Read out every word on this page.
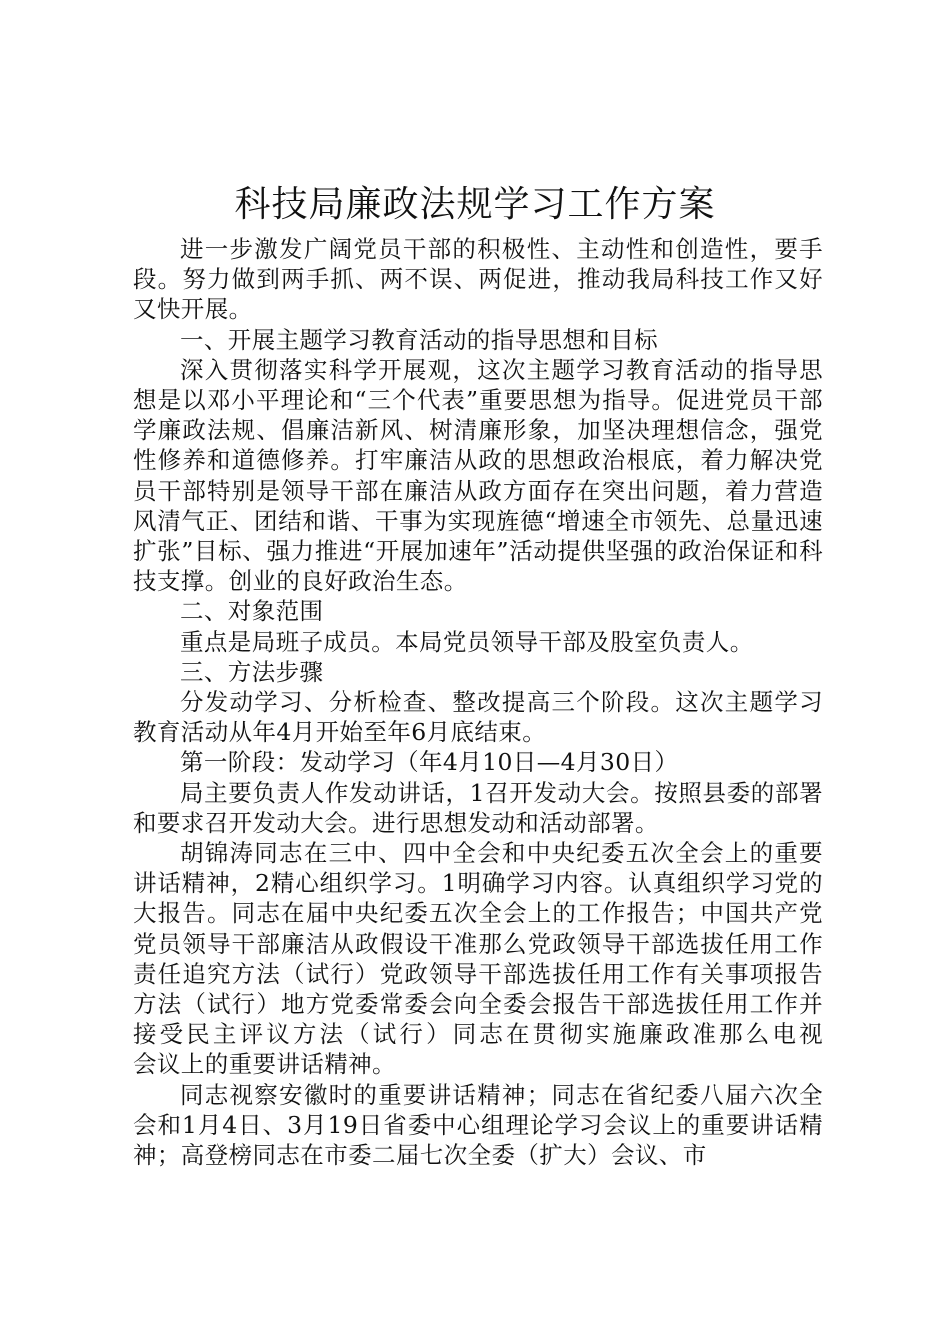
科技局廉政法规学习工作方案

进一步激发广阔党员干部的积极性、主动性和创造性，要手段。努力做到两手抓、两不误、两促进，推动我局科技工作又好又快开展。

一、开展主题学习教育活动的指导思想和目标

深入贯彻落实科学开展观，这次主题学习教育活动的指导思想是以邓小平理论和“三个代表”重要思想为指导。促进党员干部学廉政法规、倡廉洁新风、树清廉形象，加坚决理想信念，强党性修养和道德修养。打牢廉洁从政的思想政治根底，着力解决党员干部特别是领导干部在廉洁从政方面存在突出问题，着力营造风清气正、团结和谐、干事为实现旌德“增速全市领先、总量迅速扩张”目标、强力推进“开展加速年”活动提供坚强的政治保证和科技支撑。创业的良好政治生态。

二、对象范围

重点是局班子成员。本局党员领导干部及股室负责人。

三、方法步骤

分发动学习、分析检查、整改提高三个阶段。这次主题学习教育活动从年4月开始至年6月底结束。

第一阶段：发动学习（年4月10日—4月30日）

局主要负责人作发动讲话，1召开发动大会。按照县委的部署和要求召开发动大会。进行思想发动和活动部署。

胡锦涛同志在三中、四中全会和中央纪委五次全会上的重要讲话精神，2精心组织学习。1明确学习内容。认真组织学习党的大报告。同志在届中央纪委五次全会上的工作报告；中国共产党党员领导干部廉洁从政假设干准那么党政领导干部选拔任用工作责任追究方法（试行）党政领导干部选拔任用工作有关事项报告方法（试行）地方党委常委会向全委会报告干部选拔任用工作并接受民主评议方法（试行）同志在贯彻实施廉政准那么电视　　会议上的重要讲话精神。

同志视察安徽时的重要讲话精神；同志在省纪委八届六次全会和1月4日、3月19日省委中心组理论学习会议上的重要讲话精神；高登榜同志在市委二届七次全委（扩大）会议、市
